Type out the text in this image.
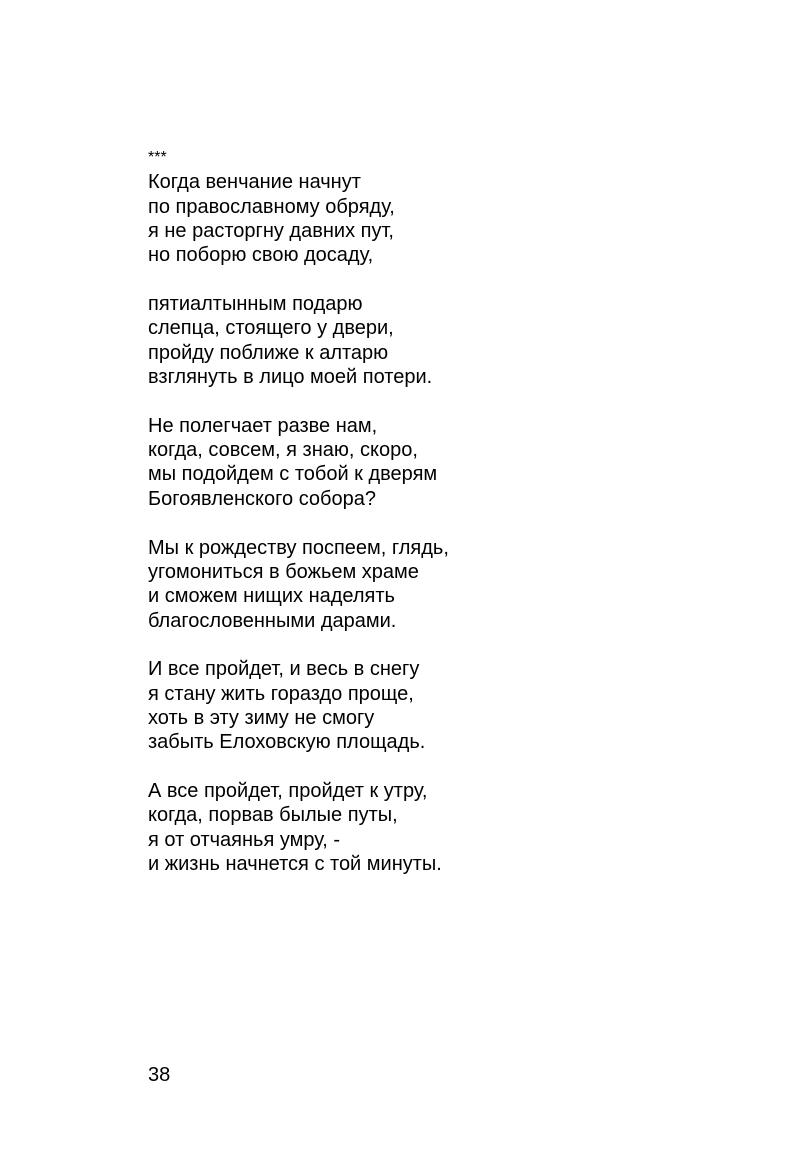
***
Когда венчание начнут
по православному обряду,
я не расторгну давних пут,
но поборю свою досаду,
пятиалтынным подарю
слепца, стоящего у двери,
пройду поближе к алтарю
взглянуть в лицо моей потери.
Не полегчает разве нам,
когда, совсем, я знаю, скоро,
мы подойдем с тобой к дверям
Богоявленского собора?
Мы к рождеству поспеем, глядь,
угомониться в божьем храме
и сможем нищих наделять
благословенными дарами.
И все пройдет, и весь в снегу
я стану жить гораздо проще,
хоть в эту зиму не смогу
забыть Елоховскую площадь.
А все пройдет, пройдет к утру,
когда, порвав былые путы,
я от отчаянья умру, -
и жизнь начнется с той минуты.
38
